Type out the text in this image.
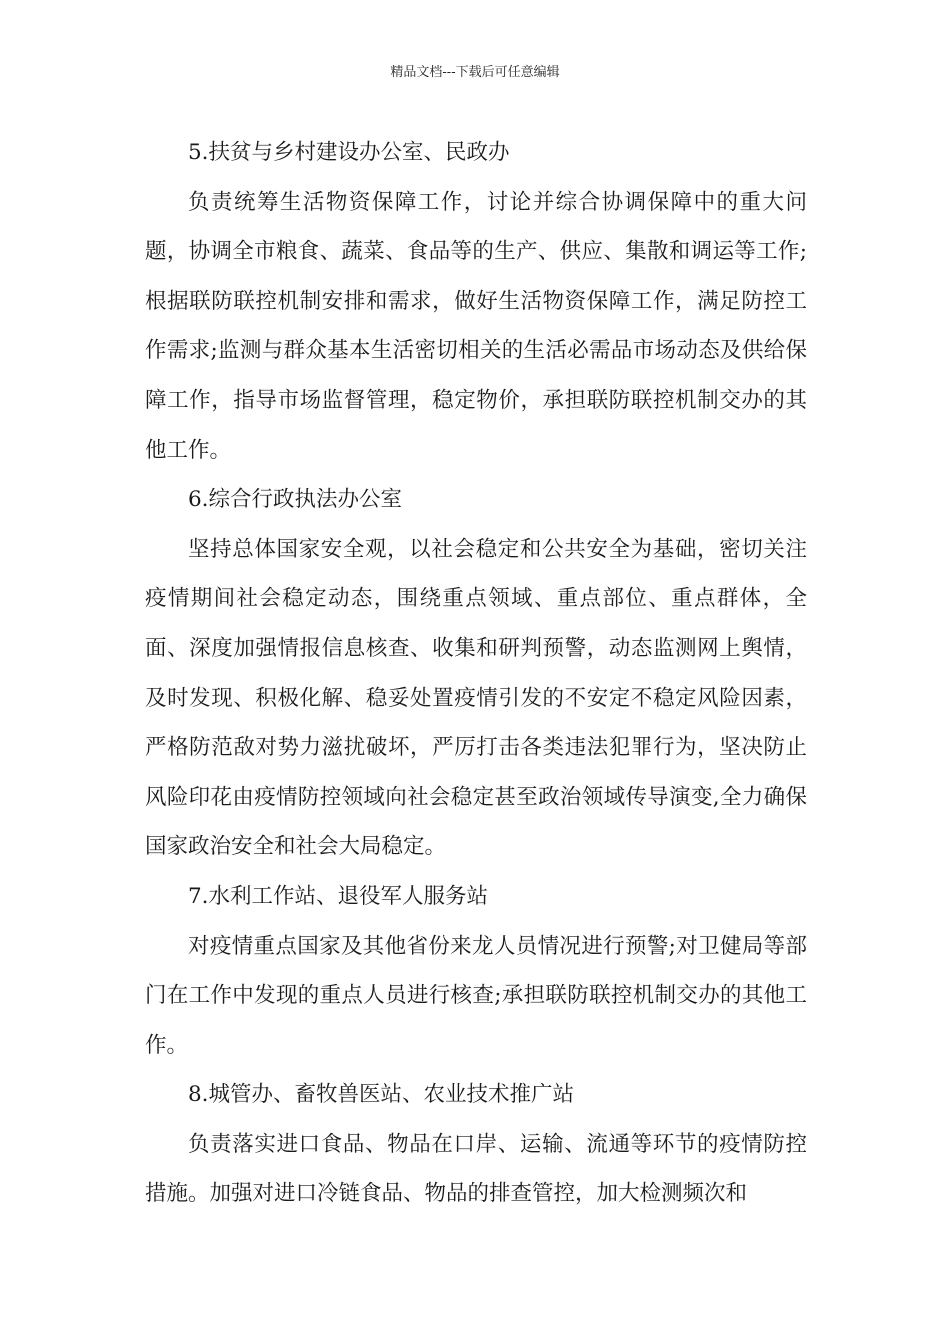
精品文档---下载后可任意编辑

5.扶贫与乡村建设办公室、民政办

负责统筹生活物资保障工作，讨论并综合协调保障中的重大问题，协调全市粮食、蔬菜、食品等的生产、供应、集散和调运等工作;根据联防联控机制安排和需求，做好生活物资保障工作，满足防控工作需求;监测与群众基本生活密切相关的生活必需品市场动态及供给保障工作，指导市场监督管理，稳定物价，承担联防联控机制交办的其他工作。

6.综合行政执法办公室

坚持总体国家安全观，以社会稳定和公共安全为基础，密切关注疫情期间社会稳定动态，围绕重点领域、重点部位、重点群体，全面、深度加强情报信息核查、收集和研判预警，动态监测网上舆情，及时发现、积极化解、稳妥处置疫情引发的不安定不稳定风险因素，严格防范敌对势力滋扰破坏，严厉打击各类违法犯罪行为，坚决防止风险印花由疫情防控领域向社会稳定甚至政治领域传导演变,全力确保国家政治安全和社会大局稳定。

7.水利工作站、退役军人服务站

对疫情重点国家及其他省份来龙人员情况进行预警;对卫健局等部门在工作中发现的重点人员进行核查;承担联防联控机制交办的其他工作。

8.城管办、畜牧兽医站、农业技术推广站

负责落实进口食品、物品在口岸、运输、流通等环节的疫情防控措施。加强对进口冷链食品、物品的排查管控，加大检测频次和
